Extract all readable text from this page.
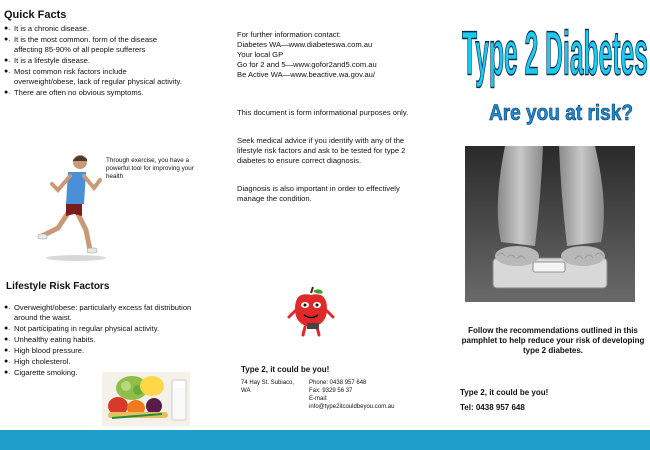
Quick Facts
●. It is a chronic disease.
●. It is the most common. form of the disease affecting 85-90% of all people sufferers
●. It is a lifestyle disease.
●. Most common risk factors include overweight/obese, lack of regular physical activity.
●. There are often no obvious symptoms.
Through exercise, you have a powerful tool for improving your health
Lifestyle Risk Factors
●. Overweight/obese: particularly excess fat distribution around the waist.
●. Not participating in regular physical activity.
●. Unhealthy eating habits.
●. High blood pressure.
●. High cholesterol.
●. Cigarette smoking.
For further information contact:
Diabetes WA—www.diabeteswa.com.au
Your local GP
Go for 2 and 5—www.gofor2and5.com.au
Be Active WA—www.beactive.wa.gov.au/
This document is form informational purposes only.
Seek medical advice if you identify with any of the lifestyle risk factors and ask to be tested for type 2 diabetes to ensure correct diagnosis.
Diagnosis is also important in order to effectively manage the condition.
Type 2, it could be you!
74 Hay St. Subiaco,
WA
Phone: 0438 957 648
Fax: 9329 56 37
E-mail:
info@type2itcouldbeyou.com.au
Type 2 Diabetes
Are you at risk?
Follow the recommendations outlined in this pamphlet to help reduce your risk of developing type 2 diabetes.
Type 2, it could be you!
Tel: 0438 957 648
